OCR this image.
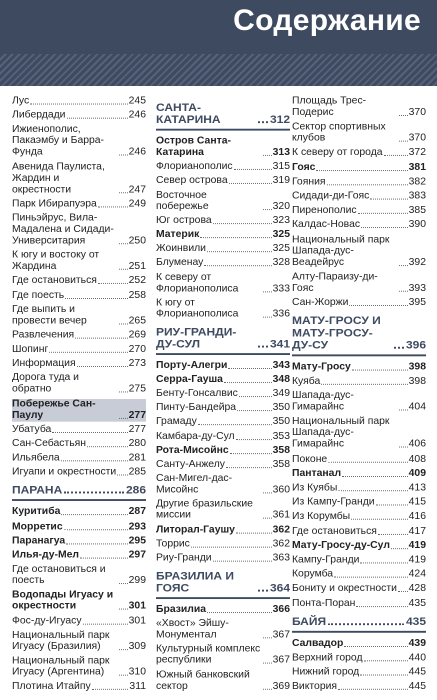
Содержание
Лус	245
Либердади	246
Ижиенополис, Пакаэмбу и Барра-Фунда	246
Авенида Паулиста, Жардин и окрестности	247
Парк Ибирапуэра	249
Пиньэйрус, Вила-Мадалена и Сидади-Университария	250
К югу и востоку от Жардина	251
Где остановиться	252
Где поесть	258
Где выпить и провести вечер	265
Развлечения	269
Шопинг	270
Информация	273
Дорога туда и обратно	275
Побережье Сан-Паулу	277
Убатуба	277
Сан-Себастьян	280
Ильябела	281
Игуапи и окрестности 285
ПАРАНА	286
Куритиба	287
Морретис	293
Паранагуа	295
Илья-ду-Мел	297
Где остановиться и поесть	299
Водопады Игуасу и окрестности	301
Фос-ду-Игуасу	301
Национальный парк Игуасу (Бразилия)	309
Национальный парк Игуасу (Аргентина)	310
Плотина Итайпу	311
САНТА-КАТАРИНА	312
Остров Санта-Катарина	313
Флорианополис	315
Север острова	319
Восточное побережье	320
Юг острова	323
Материк	325
Жоинвили	325
Блуменау	328
К северу от Флорианополиса	333
К югу от Флорианополиса	336
РИУ-ГРАНДИ-ДУ-СУЛ	341
Порту-Алегри	343
Серра-Гауша	348
Бенту-Гонсалвис	349
Пинту-Бандейра	350
Грамаду	350
Камбара-ду-Сул	353
Рота-Мисойнс	358
Санту-Анжелу	358
Сан-Мигел-дас-Мисойнс	360
Другие бразильские миссии	361
Литорал-Гаушу	362
Торрис	362
Риу-Гранди	363
БРАЗИЛИА И ГОЯС	364
Бразилиа	366
«Хвост» Эйшу-Монументал	367
Культурный комплекс республики	367
Южный банковский сектор	369
Площадь Трес-Подерис	370
Сектор спортивных клубов	370
К северу от города	372
Гояс	381
Гояния	382
Сидади-ди-Гояс	383
Пиренополис	385
Калдас-Новас	390
Национальный парк Шапада-дус-Веадейрус	392
Алту-Параизу-ди-Гояс	393
Сан-Жоржи	395
МАТУ-ГРОСУ И МАТУ-ГРОСУ-ДУ-СУ	396
Мату-Гросу	398
Куяба	398
Шапада-дус-Гимарайнс	404
Национальный парк Шапада-дус-Гимарайнс	406
Поконе	408
Пантанал	409
Из Куябы	413
Из Кампу-Гранди	415
Из Корумбы	416
Где остановиться	417
Мату-Гросу-ду-Сул 419
Кампу-Гранди	419
Корумба	424
Бониту и окрестности 428
Понта-Поран	435
БАЙЯ	435
Салвадор	439
Верхний город	440
Нижний город	445
Виктория	445
